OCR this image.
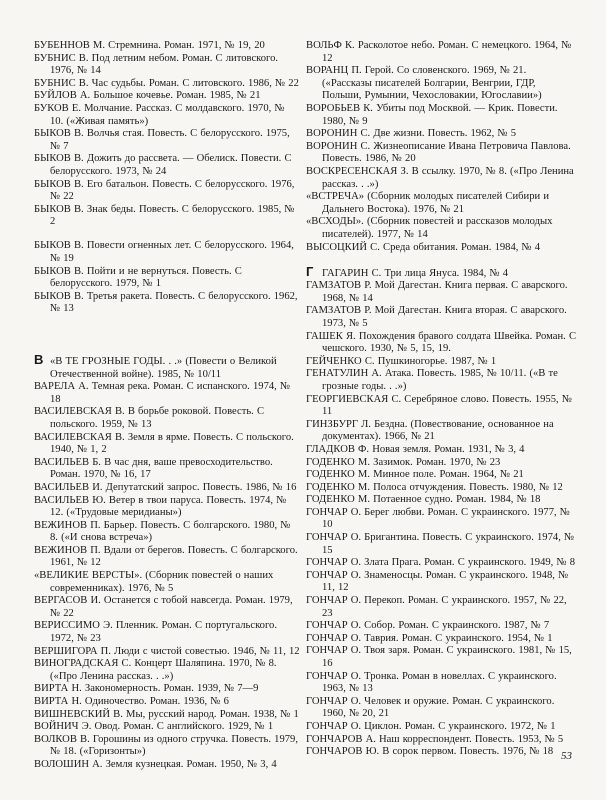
БУБЕННОВ М. Стремнина. Роман. 1971, № 19, 20

БУБНИС В. Под летним небом. Роман. С литовского. 1976, № 14

БУБНИС В. Час судьбы. Роман. С литовского. 1986, № 22

БУЙЛОВ А. Большое кочевье. Роман. 1985, № 21

БУКОВ Е. Молчание. Рассказ. С молдавского. 1970, № 10. («Живая память»)

БЫКОВ В. Волчья стая. Повесть. С белорусского. 1975, № 7

БЫКОВ В. Дожить до рассвета. — Обелиск. Повести. С белорусского. 1973, № 24

БЫКОВ В. Его батальон. Повесть. С белорусского. 1976, № 22

БЫКОВ В. Знак беды. Повесть. С белорусского. 1985, № 2

БЫКОВ В. Повести огненных лет. С белорусского. 1964, № 19

БЫКОВ В. Пойти и не вернуться. Повесть. С белорусского. 1979, № 1

БЫКОВ В. Третья ракета. Повесть. С белорусского. 1962, № 13

В «В ТЕ ГРОЗНЫЕ ГОДЫ. . .» (Повести о Великой Отечественной войне). 1985, № 10/11

ВАРЕЛА А. Темная река. Роман. С испанского. 1974, № 18

ВАСИЛЕВСКАЯ В. В борьбе роковой. Повесть. С польского. 1959, № 13

ВАСИЛЕВСКАЯ В. Земля в ярме. Повесть. С польского. 1940, № 1, 2

ВАСИЛЬЕВ Б. В час дня, ваше превосходительство. Роман. 1970, № 16, 17

ВАСИЛЬЕВ И. Депутатский запрос. Повесть. 1986, № 16

ВАСИЛЬЕВ Ю. Ветер в твои паруса. Повесть. 1974, № 12. («Трудовые меридианы»)

ВЕЖИНОВ П. Барьер. Повесть. С болгарского. 1980, № 8. («И снова встреча»)

ВЕЖИНОВ П. Вдали от берегов. Повесть. С болгарского. 1961, № 12

«ВЕЛИКИЕ ВЕРСТЫ». (Сборник повестей о наших современниках). 1976, № 5

ВЕРГАСОВ И. Останется с тобой навсегда. Роман. 1979, № 22

ВЕРИССИМО Э. Пленник. Роман. С португальского. 1972, № 23

ВЕРШИГОРА П. Люди с чистой совестью. 1946, № 11, 12

ВИНОГРАДСКАЯ С. Концерт Шаляпина. 1970, № 8. («Про Ленина рассказ. . .»)

ВИРТА Н. Закономерность. Роман. 1939, № 7—9

ВИРТА Н. Одиночество. Роман. 1936, № 6

ВИШНЕВСКИЙ В. Мы, русский народ. Роман. 1938, № 1

ВОЙНИЧ Э. Овод. Роман. С английского. 1929, № 1

ВОЛКОВ В. Горошины из одного стручка. Повесть. 1979, № 18. («Горизонты»)

ВОЛОШИН А. Земля кузнецкая. Роман. 1950, № 3, 4

ВОЛЬФ К. Расколотое небо. Роман. С немецкого. 1964, № 12

ВОРАНЦ П. Герой. Со словенского. 1969, № 21. («Рассказы писателей Болгарии, Венгрии, ГДР, Польши, Румынии, Чехословакии, Югославии»)

ВОРОБЬЕВ К. Убиты под Москвой. — Крик. Повести. 1980, № 9

ВОРОНИН С. Две жизни. Повесть. 1962, № 5

ВОРОНИН С. Жизнеописание Ивана Петровича Павлова. Повесть. 1986, № 20

ВОСКРЕСЕНСКАЯ З. В ссылку. 1970, № 8. («Про Ленина рассказ. . .»)

«ВСТРЕЧА» (Сборник молодых писателей Сибири и Дальнего Востока). 1976, № 21

«ВСХОДЫ». (Сборник повестей и рассказов молодых писателей). 1977, № 14

ВЫСОЦКИЙ С. Среда обитания. Роман. 1984, № 4

Г ГАГАРИН С. Три лица Януса. 1984, № 4

ГАМЗАТОВ Р. Мой Дагестан. Книга первая. С аварского. 1968, № 14

ГАМЗАТОВ Р. Мой Дагестан. Книга вторая. С аварского. 1973, № 5

ГАШЕК Я. Похождения бравого солдата Швейка. Роман. С чешского. 1930, № 5, 15, 19.

ГЕЙЧЕНКО С. Пушкиногорье. 1987, № 1

ГЕНАТУЛИН А. Атака. Повесть. 1985, № 10/11. («В те грозные годы. . .»)

ГЕОРГИЕВСКАЯ С. Серебряное слово. Повесть. 1955, № 11

ГИНЗБУРГ Л. Бездна. (Повествование, основанное на документах). 1966, № 21

ГЛАДКОВ Ф. Новая земля. Роман. 1931, № 3, 4

ГОДЕНКО М. Зазимок. Роман. 1970, № 23

ГОДЕНКО М. Минное поле. Роман. 1964, № 21

ГОДЕНКО М. Полоса отчуждения. Повесть. 1980, № 12

ГОДЕНКО М. Потаенное судно. Роман. 1984, № 18

ГОНЧАР О. Берег любви. Роман. С украинского. 1977, № 10

ГОНЧАР О. Бригантина. Повесть. С украинского. 1974, № 15

ГОНЧАР О. Злата Прага. Роман. С украинского. 1949, № 8

ГОНЧАР О. Знаменосцы. Роман. С украинского. 1948, № 11, 12

ГОНЧАР О. Перекоп. Роман. С украинского. 1957, № 22, 23

ГОНЧАР О. Собор. Роман. С украинского. 1987, № 7

ГОНЧАР О. Таврия. Роман. С украинского. 1954, № 1

ГОНЧАР О. Твоя заря. Роман. С украинского. 1981, № 15, 16

ГОНЧАР О. Тронка. Роман в новеллах. С украинского. 1963, № 13

ГОНЧАР О. Человек и оружие. Роман. С украинского. 1960, № 20, 21

ГОНЧАР О. Циклон. Роман. С украинского. 1972, № 1

ГОНЧАРОВ А. Наш корреспондент. Повесть. 1953, № 5

ГОНЧАРОВ Ю. В сорок первом. Повесть. 1976, № 18 53
